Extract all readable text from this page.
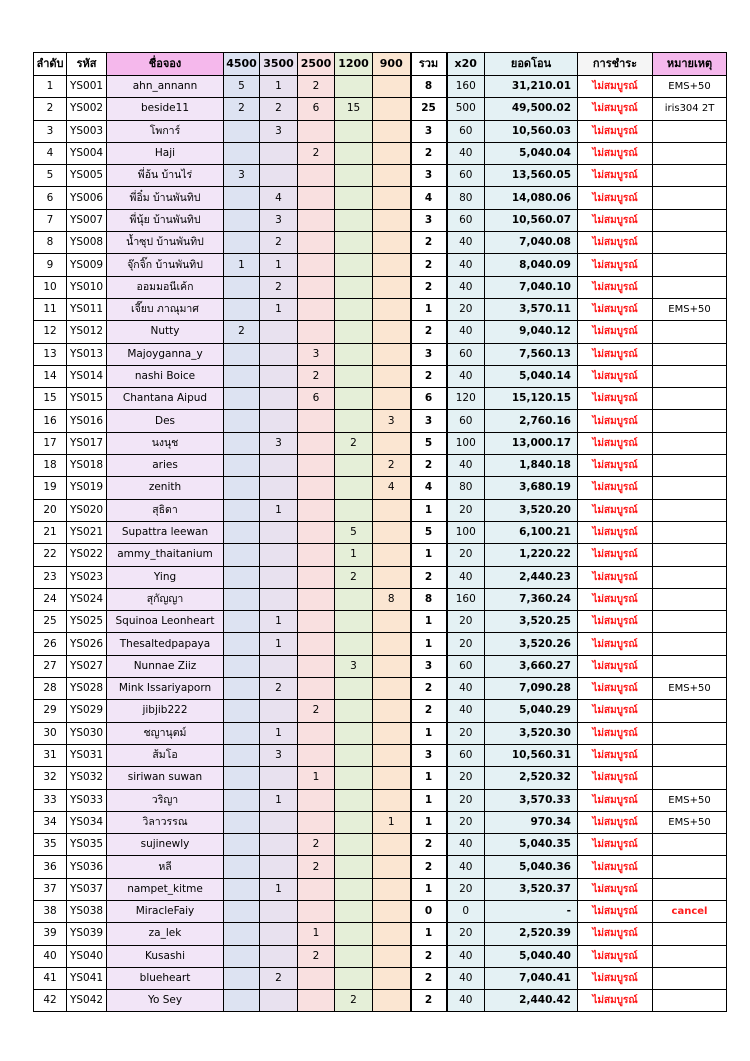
ลำดับ	รหัส	ชื่อจอง	4500	3500	2500	1200	900	รวม	x20	ยอดโอน	การชำระ	หมายเหตุ
1	YS001	ahn_annann	5	1	2			8	160	31,210.01	ไม่สมบูรณ์	EMS+50
2	YS002	beside11	2	2	6	15		25	500	49,500.02	ไม่สมบูรณ์	iris304 2T
3	YS003	โพการ์		3				3	60	10,560.03	ไม่สมบูรณ์	
4	YS004	Haji			2			2	40	5,040.04	ไม่สมบูรณ์	
5	YS005	พี่อ้น บ้านไร่	3					3	60	13,560.05	ไม่สมบูรณ์	
6	YS006	พี่อิ๋ม บ้านพันทิป		4				4	80	14,080.06	ไม่สมบูรณ์	
7	YS007	พี่นุ้ย บ้านพันทิป		3				3	60	10,560.07	ไม่สมบูรณ์	
8	YS008	น้ำซุป บ้านพันทิป		2				2	40	7,040.08	ไม่สมบูรณ์	
9	YS009	จุ๊กจิ๊ก บ้านพันทิป	1	1				2	40	8,040.09	ไม่สมบูรณ์	
10	YS010	ออมมอนีเค้ก		2				2	40	7,040.10	ไม่สมบูรณ์	
11	YS011	เจี๊ยบ ภาณุมาศ		1				1	20	3,570.11	ไม่สมบูรณ์	EMS+50
12	YS012	Nutty	2					2	40	9,040.12	ไม่สมบูรณ์	
13	YS013	Majoyganna_y			3			3	60	7,560.13	ไม่สมบูรณ์	
14	YS014	nashi Boice			2			2	40	5,040.14	ไม่สมบูรณ์	
15	YS015	Chantana Aipud			6			6	120	15,120.15	ไม่สมบูรณ์	
16	YS016	Des					3	3	60	2,760.16	ไม่สมบูรณ์	
17	YS017	นงนุช		3		2		5	100	13,000.17	ไม่สมบูรณ์	
18	YS018	aries					2	2	40	1,840.18	ไม่สมบูรณ์	
19	YS019	zenith					4	4	80	3,680.19	ไม่สมบูรณ์	
20	YS020	สุธิดา		1				1	20	3,520.20	ไม่สมบูรณ์	
21	YS021	Supattra leewan				5		5	100	6,100.21	ไม่สมบูรณ์	
22	YS022	ammy_thaitanium				1		1	20	1,220.22	ไม่สมบูรณ์	
23	YS023	Ying				2		2	40	2,440.23	ไม่สมบูรณ์	
24	YS024	สุกัญญา					8	8	160	7,360.24	ไม่สมบูรณ์	
25	YS025	Squinoa Leonheart		1				1	20	3,520.25	ไม่สมบูรณ์	
26	YS026	Thesaltedpapaya		1				1	20	3,520.26	ไม่สมบูรณ์	
27	YS027	Nunnae Ziiz				3		3	60	3,660.27	ไม่สมบูรณ์	
28	YS028	Mink Issariyaporn		2				2	40	7,090.28	ไม่สมบูรณ์	EMS+50
29	YS029	jibjib222			2			2	40	5,040.29	ไม่สมบูรณ์	
30	YS030	ชญานุตม์		1				1	20	3,520.30	ไม่สมบูรณ์	
31	YS031	ส้มโอ		3				3	60	10,560.31	ไม่สมบูรณ์	
32	YS032	siriwan suwan			1			1	20	2,520.32	ไม่สมบูรณ์	
33	YS033	วริญา		1				1	20	3,570.33	ไม่สมบูรณ์	EMS+50
34	YS034	วิลาวรรณ					1	1	20	970.34	ไม่สมบูรณ์	EMS+50
35	YS035	sujinewly			2			2	40	5,040.35	ไม่สมบูรณ์	
36	YS036	หลี			2			2	40	5,040.36	ไม่สมบูรณ์	
37	YS037	nampet_kitme		1				1	20	3,520.37	ไม่สมบูรณ์	
38	YS038	MiracleFaiy						0	0	-	ไม่สมบูรณ์	cancel
39	YS039	za_lek			1			1	20	2,520.39	ไม่สมบูรณ์	
40	YS040	Kusashi			2			2	40	5,040.40	ไม่สมบูรณ์	
41	YS041	blueheart		2				2	40	7,040.41	ไม่สมบูรณ์	
42	YS042	Yo Sey				2		2	40	2,440.42	ไม่สมบูรณ์	
